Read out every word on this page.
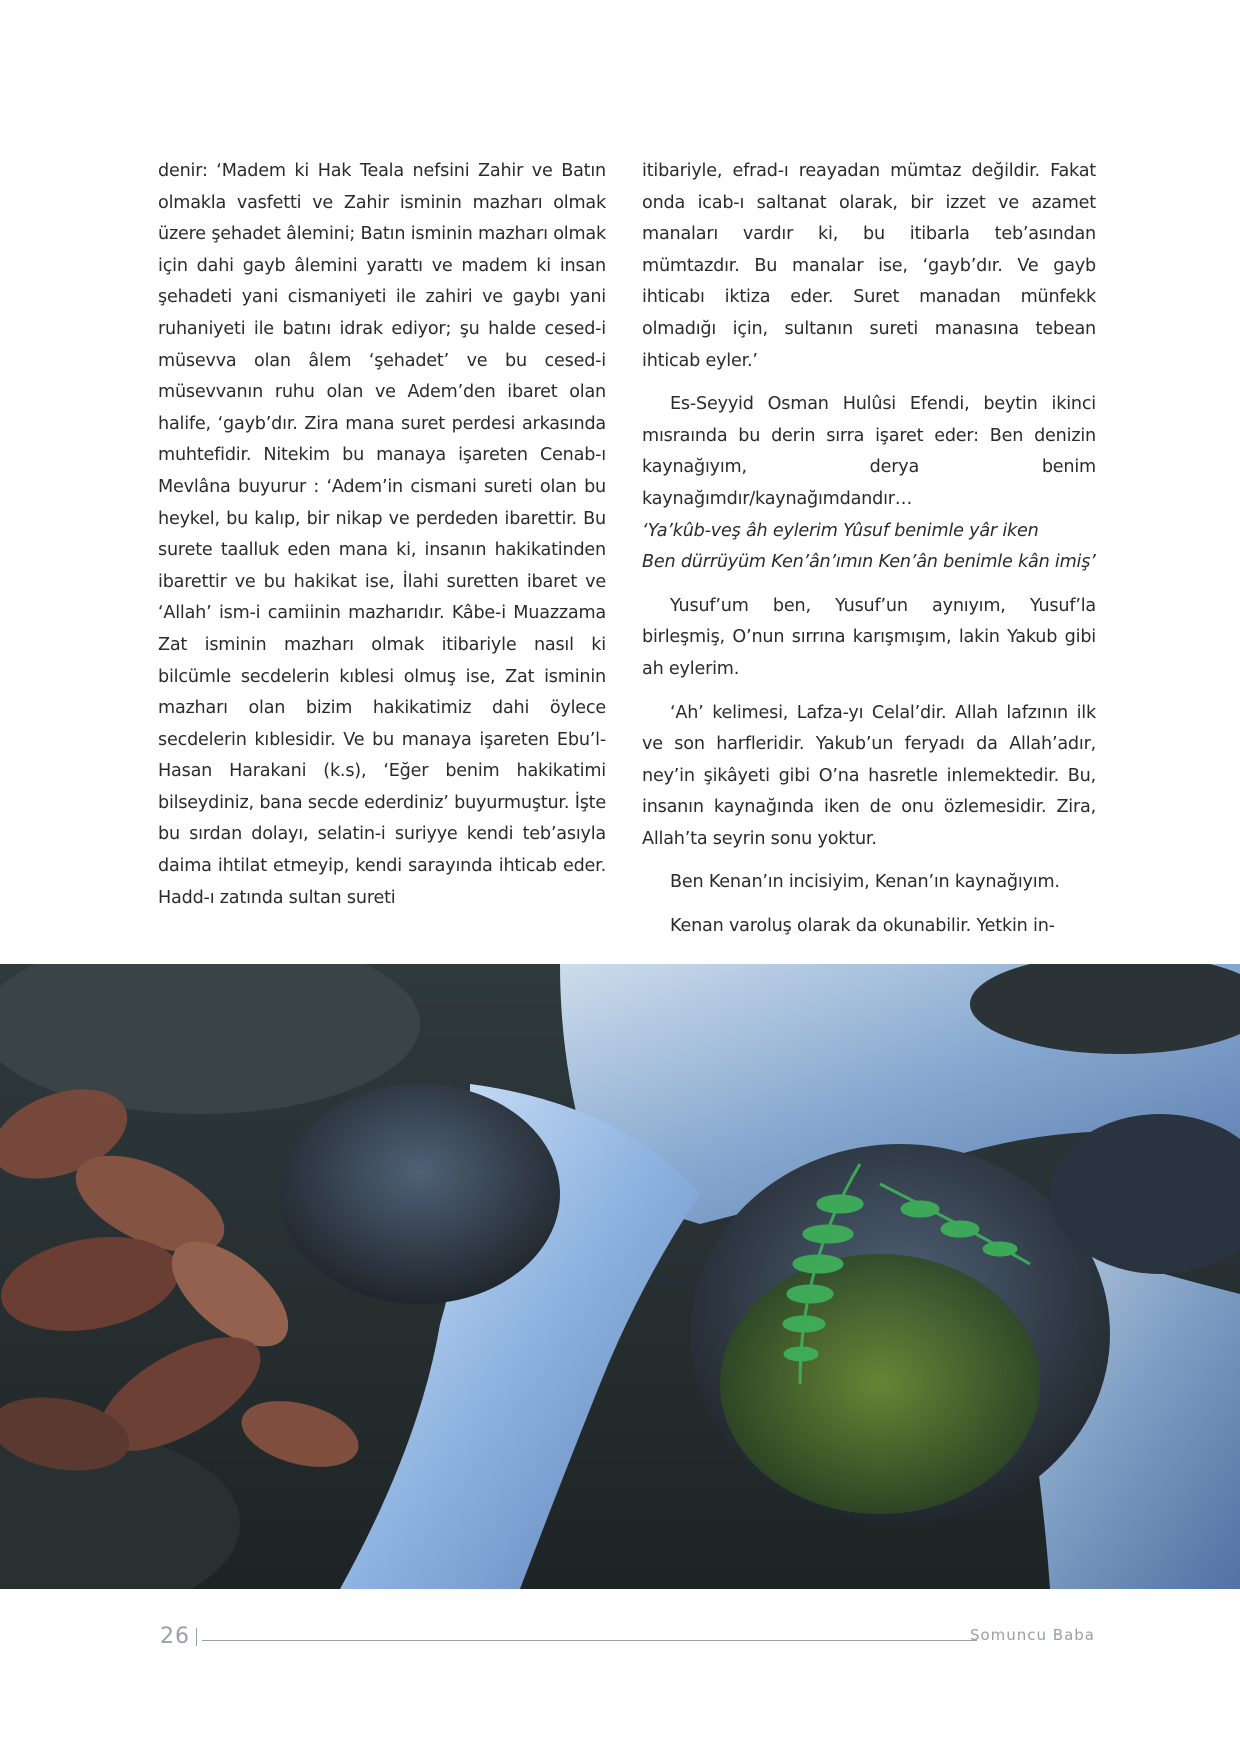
denir: ‘Madem ki Hak Teala nefsini Zahir ve Batın olmakla vasfetti ve Zahir isminin mazharı olmak üzere şehadet âlemini; Batın isminin mazharı olmak için dahi gayb âlemini yarattı ve madem ki insan şehadeti yani cismaniyeti ile zahiri ve gaybı yani ruhaniyeti ile batını idrak ediyor; şu halde cesed-i müsevva olan âlem ‘şehadet’ ve bu cesed-i müsevvanın ruhu olan ve Adem’den ibaret olan halife, ‘gayb’dır. Zira mana suret perdesi arkasında muhtefidir. Nitekim bu manaya işareten Cenab-ı Mevlâna buyurur : ‘Adem’in cismani sureti olan bu heykel, bu kalıp, bir nikap ve perdeden ibarettir. Bu surete taalluk eden mana ki, insanın hakikatinden ibarettir ve bu hakikat ise, İlahi suretten ibaret ve ‘Allah’ ism-i camiinin mazharıdır. Kâbe-i Muazzama Zat isminin mazharı olmak itibariyle nasıl ki bilcümle secdelerin kıblesi olmuş ise, Zat isminin mazharı olan bizim hakikatimiz dahi öylece secdelerin kıblesidir. Ve bu manaya işareten Ebu’l-Hasan Harakani (k.s), ‘Eğer benim hakikatimi bilseydiniz, bana secde ederdiniz’ buyurmuştur. İşte bu sırdan dolayı, selatin-i suriyye kendi teb’asıyla daima ihtilat etmeyip, kendi sarayında ihticab eder. Hadd-ı zatında sultan sureti

itibariyle, efrad-ı reayadan mümtaz değildir. Fakat onda icab-ı saltanat olarak, bir izzet ve azamet manaları vardır ki, bu itibarla teb’asından mümtazdır. Bu manalar ise, ‘gayb’dır. Ve gayb ihticabı iktiza eder. Suret manadan münfekk olmadığı için, sultanın sureti manasına tebean ihticab eyler.’

Es-Seyyid Osman Hulûsi Efendi, beytin ikinci mısraında bu derin sırra işaret eder: Ben denizin kaynağıyım, derya benim kaynağımdır/kaynağımdandır…

‘Ya’kûb-veş âh eylerim Yûsuf benimle yâr iken

Ben dürrüyüm Ken’ân’ımın Ken’ân benimle kân imiş’

Yusuf’um ben, Yusuf’un aynıyım, Yusuf’la birleşmiş, O’nun sırrına karışmışım, lakin Yakub gibi ah eylerim.

‘Ah’ kelimesi, Lafza-yı Celal’dir. Allah lafzının ilk ve son harfleridir. Yakub’un feryadı da Allah’adır, ney’in şikâyeti gibi O’na hasretle inlemektedir. Bu, insanın kaynağında iken de onu özlemesidir. Zira, Allah’ta seyrin sonu yoktur.

Ben Kenan’ın incisiyim, Kenan’ın kaynağıyım.

Kenan varoluş olarak da okunabilir. Yetkin in-

26	Somuncu Baba
